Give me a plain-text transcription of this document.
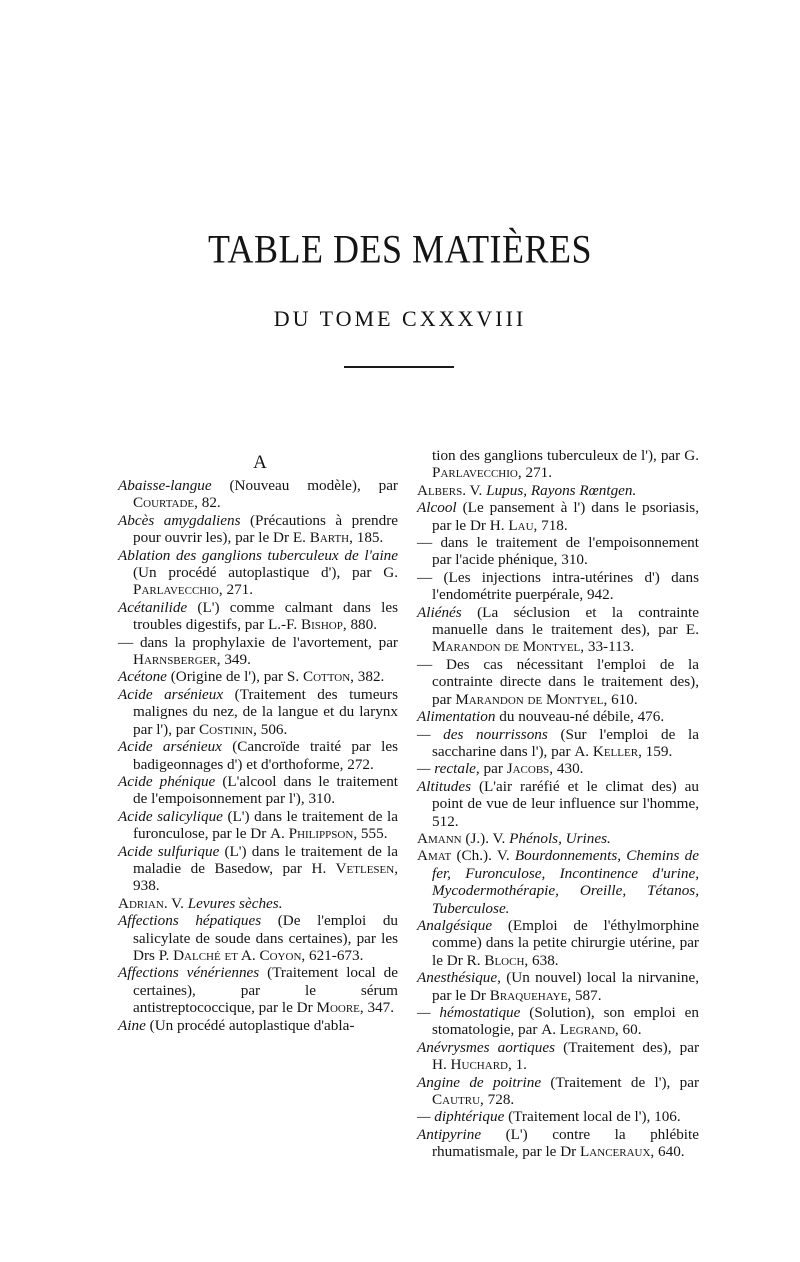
TABLE DES MATIÈRES
DU TOME CXXXVIII
A

Abaisse-langue (Nouveau modèle), par Courtade, 82.

Abcès amygdaliens (Précautions à prendre pour ouvrir les), par le Dr E. Barth, 185.

Ablation des ganglions tuberculeux de l'aine (Un procédé autoplastique d'), par G. Parlavecchio, 271.

Acétanilide (L') comme calmant dans les troubles digestifs, par L.-F. Bishop, 880.

— dans la prophylaxie de l'avortement, par Harnsberger, 349.

Acétone (Origine de l'), par S. Cotton, 382.

Acide arsénieux (Traitement des tumeurs malignes du nez, de la langue et du larynx par l'), par Costinin, 506.

Acide arsénieux (Cancroïde traité par les badigeonnages d') et d'orthoforme, 272.

Acide phénique (L'alcool dans le traitement de l'empoisonnement par l'), 310.

Acide salicylique (L') dans le traitement de la furonculose, par le Dr A. Philippson, 555.

Acide sulfurique (L') dans le traitement de la maladie de Basedow, par H. Vetlesen, 938.

Adrian. V. Levures sèches.

Affections hépatiques (De l'emploi du salicylate de soude dans certaines), par les Drs P. Dalché et A. Coyon, 621-673.

Affections vénériennes (Traitement local de certaines), par le sérum antistreptococcique, par le Dr Moore, 347.

Aine (Un procédé autoplastique d'abla-

tion des ganglions tuberculeux de l'), par G. Parlavecchio, 271.

Albers. V. Lupus, Rayons Rœntgen.

Alcool (Le pansement à l') dans le psoriasis, par le Dr H. Lau, 718.

— dans le traitement de l'empoisonnement par l'acide phénique, 310.

— (Les injections intra-utérines d') dans l'endométrite puerpérale, 942.

Aliénés (La séclusion et la contrainte manuelle dans le traitement des), par E. Marandon de Montyel, 33-113.

— Des cas nécessitant l'emploi de la contrainte directe dans le traitement des), par Marandon de Montyel, 610.

Alimentation du nouveau-né débile, 476.

— des nourrissons (Sur l'emploi de la saccharine dans l'), par A. Keller, 159.

— rectale, par Jacobs, 430.

Altitudes (L'air raréfié et le climat des) au point de vue de leur influence sur l'homme, 512.

Amann (J.). V. Phénols, Urines.

Amat (Ch.). V. Bourdonnements, Chemins de fer, Furonculose, Incontinence d'urine, Mycodermothérapie, Oreille, Tétanos, Tuberculose.

Analgésique (Emploi de l'éthylmorphine comme) dans la petite chirurgie utérine, par le Dr R. Bloch, 638.

Anesthésique, (Un nouvel) local la nirvanine, par le Dr Braquehaye, 587.

— hémostatique (Solution), son emploi en stomatologie, par A. Legrand, 60.

Anévrysmes aortiques (Traitement des), par H. Huchard, 1.

Angine de poitrine (Traitement de l'), par Cautru, 728.

— diphtérique (Traitement local de l'), 106.

Antipyrine (L') contre la phlébite rhumatismale, par le Dr Lanceraux, 640.
